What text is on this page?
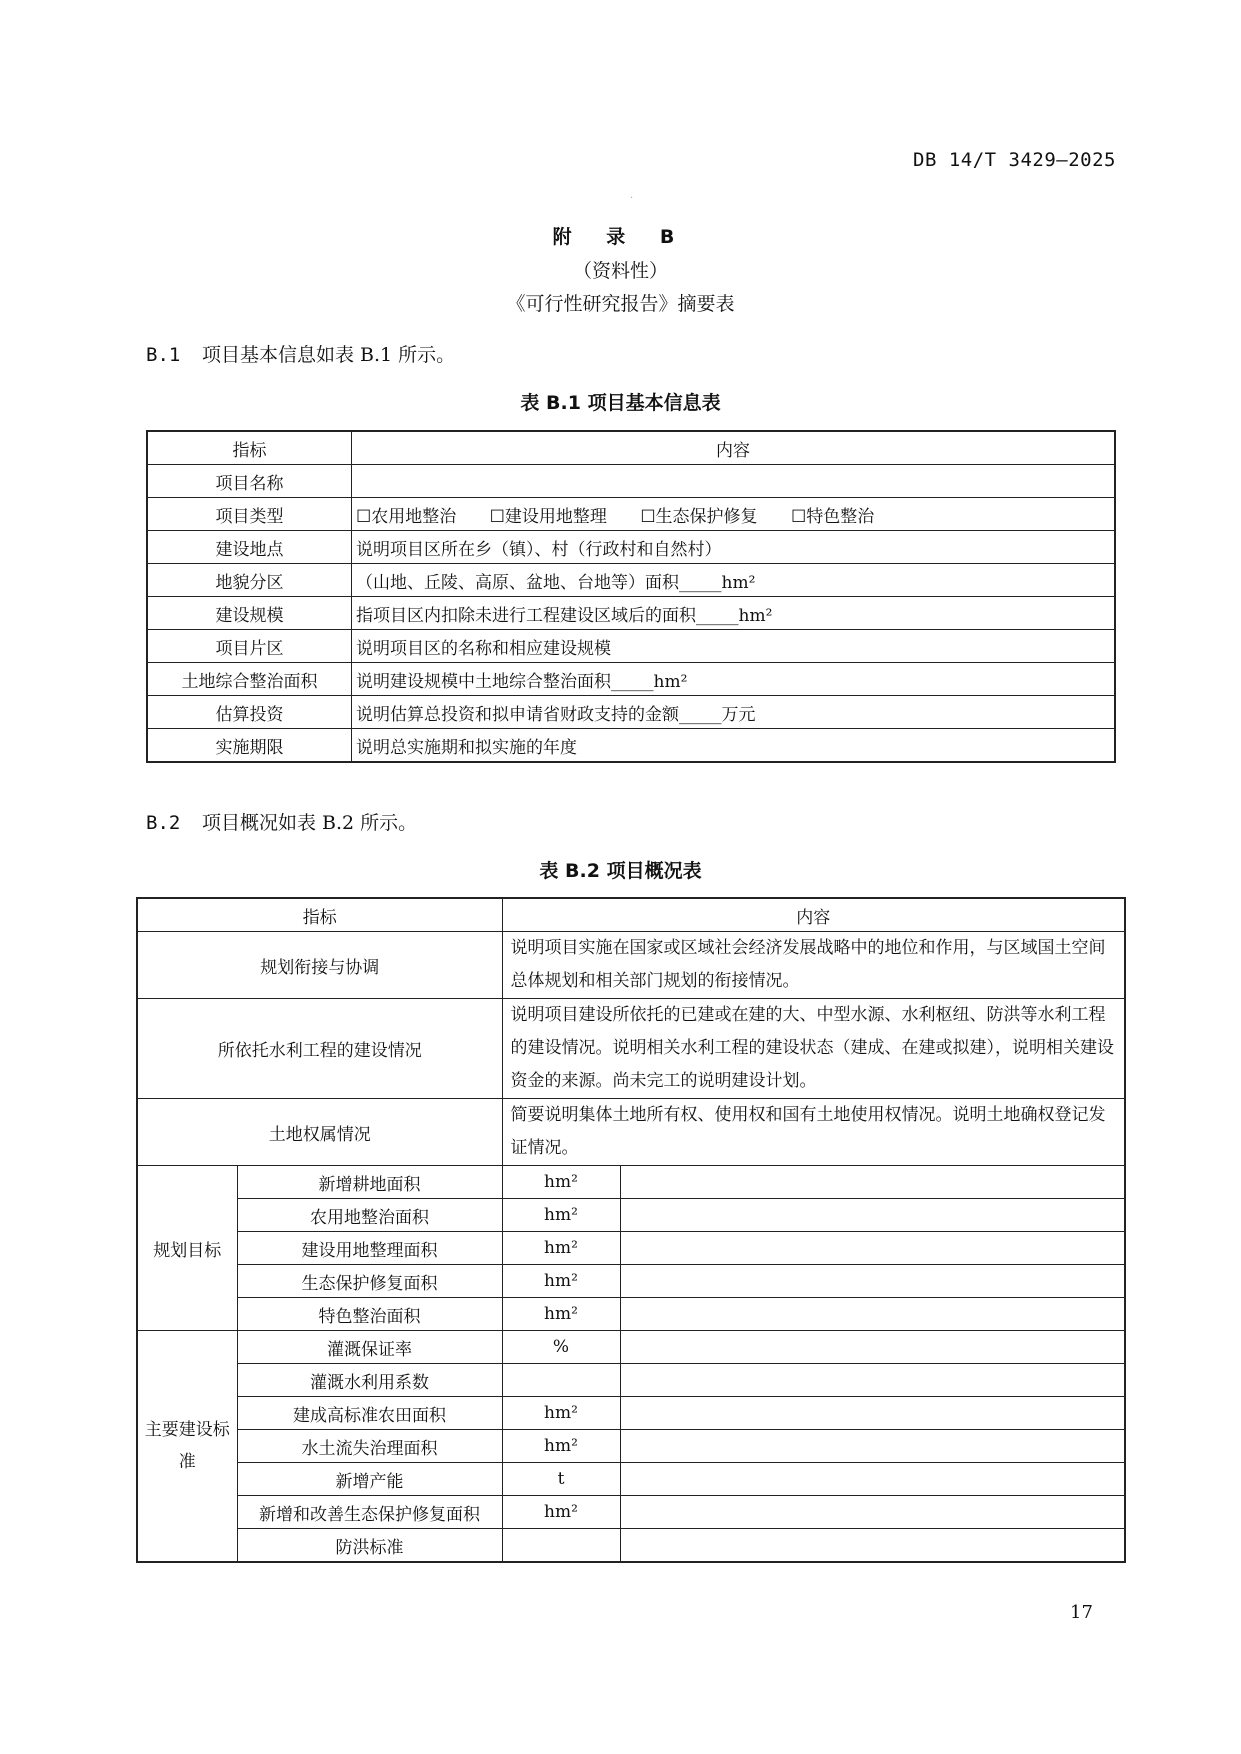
DB 14/T 3429—2025
·
附 录 B
（资料性）
《可行性研究报告》摘要表
B.1 项目基本信息如表 B.1 所示。
表 B.1 项目基本信息表
指标	内容
项目名称	
项目类型	☐农用地整治 ☐建设用地整理 ☐生态保护修复 ☐特色整治
建设地点	说明项目区所在乡（镇）、村（行政村和自然村）
地貌分区	（山地、丘陵、高原、盆地、台地等）面积_____hm²
建设规模	指项目区内扣除未进行工程建设区域后的面积_____hm²
项目片区	说明项目区的名称和相应建设规模
土地综合整治面积	说明建设规模中土地综合整治面积_____hm²
估算投资	说明估算总投资和拟申请省财政支持的金额_____万元
实施期限	说明总实施期和拟实施的年度
B.2 项目概况如表 B.2 所示。
表 B.2 项目概况表
指标		内容	
规划衔接与协调		说明项目实施在国家或区域社会经济发展战略中的地位和作用，与区域国土空间总体规划和相关部门规划的衔接情况。	
所依托水利工程的建设情况		说明项目建设所依托的已建或在建的大、中型水源、水利枢纽、防洪等水利工程的建设情况。说明相关水利工程的建设状态（建成、在建或拟建），说明相关建设资金的来源。尚未完工的说明建设计划。	
土地权属情况		简要说明集体土地所有权、使用权和国有土地使用权情况。说明土地确权登记发证情况。	
规划目标	新增耕地面积	hm²	
	农用地整治面积	hm²	
	建设用地整理面积	hm²	
	生态保护修复面积	hm²	
	特色整治面积	hm²	
主要建设标准	灌溉保证率	%	
	灌溉水利用系数		
	建成高标准农田面积	hm²	
	水土流失治理面积	hm²	
	新增产能	t	
	新增和改善生态保护修复面积	hm²	
	防洪标准		
17
